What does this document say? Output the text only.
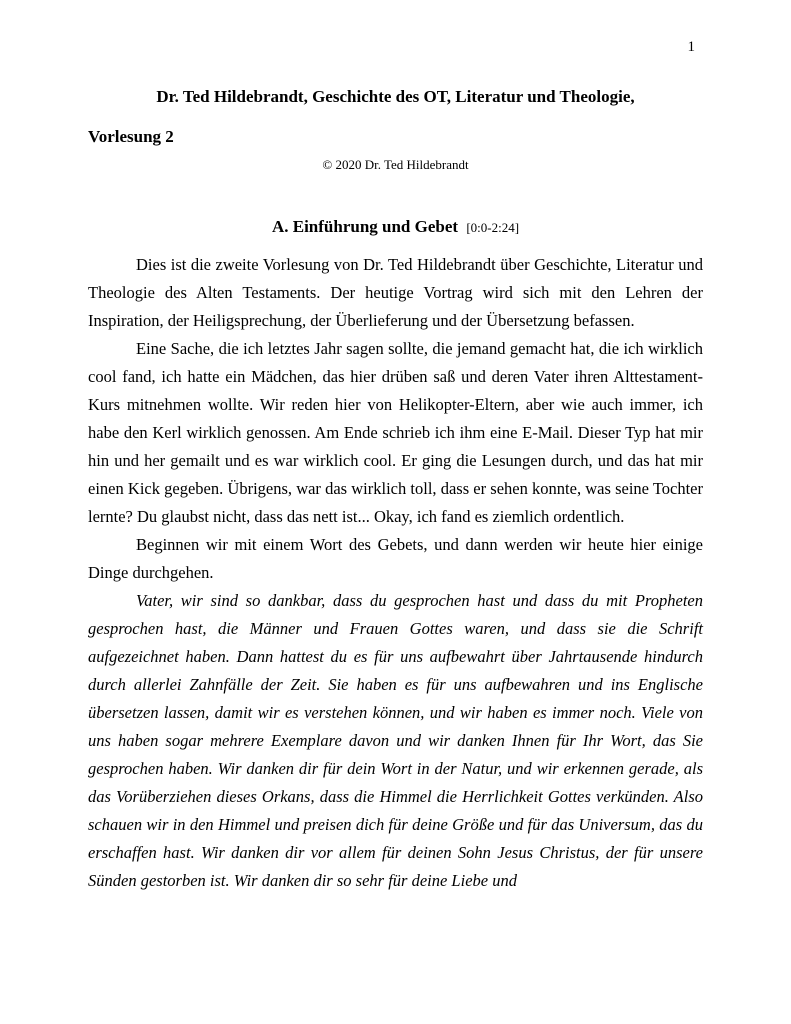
1
Dr. Ted Hildebrandt, Geschichte des OT, Literatur und Theologie,
Vorlesung 2
© 2020 Dr. Ted Hildebrandt
A. Einführung und Gebet [0:0-2:24]

Dies ist die zweite Vorlesung von Dr. Ted Hildebrandt über Geschichte, Literatur und Theologie des Alten Testaments. Der heutige Vortrag wird sich mit den Lehren der Inspiration, der Heiligsprechung, der Überlieferung und der Übersetzung befassen.

Eine Sache, die ich letztes Jahr sagen sollte, die jemand gemacht hat, die ich wirklich cool fand, ich hatte ein Mädchen, das hier drüben saß und deren Vater ihren Alttestament-Kurs mitnehmen wollte. Wir reden hier von Helikopter-Eltern, aber wie auch immer, ich habe den Kerl wirklich genossen. Am Ende schrieb ich ihm eine E-Mail. Dieser Typ hat mir hin und her gemailt und es war wirklich cool. Er ging die Lesungen durch, und das hat mir einen Kick gegeben. Übrigens, war das wirklich toll, dass er sehen konnte, was seine Tochter lernte? Du glaubst nicht, dass das nett ist... Okay, ich fand es ziemlich ordentlich.

Beginnen wir mit einem Wort des Gebets, und dann werden wir heute hier einige Dinge durchgehen.

Vater, wir sind so dankbar, dass du gesprochen hast und dass du mit Propheten gesprochen hast, die Männer und Frauen Gottes waren, und dass sie die Schrift aufgezeichnet haben. Dann hattest du es für uns aufbewahrt über Jahrtausende hindurch durch allerlei Zahnfälle der Zeit. Sie haben es für uns aufbewahren und ins Englische übersetzen lassen, damit wir es verstehen können, und wir haben es immer noch. Viele von uns haben sogar mehrere Exemplare davon und wir danken Ihnen für Ihr Wort, das Sie gesprochen haben. Wir danken dir für dein Wort in der Natur, und wir erkennen gerade, als das Vorüberziehen dieses Orkans, dass die Himmel die Herrlichkeit Gottes verkünden. Also schauen wir in den Himmel und preisen dich für deine Größe und für das Universum, das du erschaffen hast. Wir danken dir vor allem für deinen Sohn Jesus Christus, der für unsere Sünden gestorben ist. Wir danken dir so sehr für deine Liebe und
